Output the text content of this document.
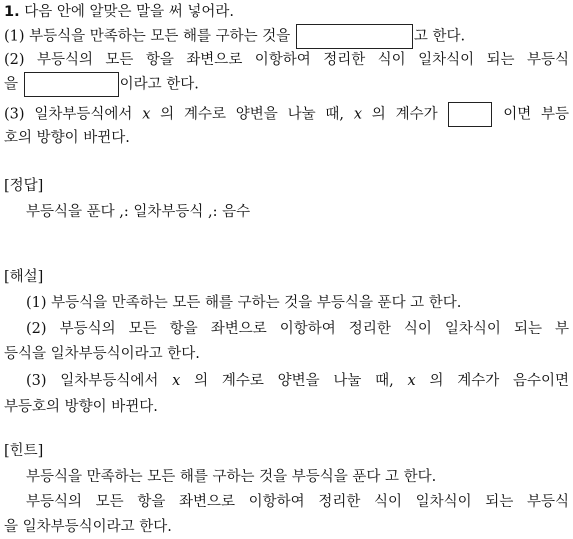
1. 다음 안에 알맞은 말을 써 넣어라.
(1) 부등식을 만족하는 모든 해를 구하는 것을	고 한다.
(2) 부등식의 모든 항을 좌변으로 이항하여 정리한 식이 일차식이 되는 부등식
을	이라고 한다.
(3) 일차부등식에서 x 의 계수로 양변을 나눌 때, x 의 계수가	이면 부등
호의 방향이 바뀐다.
[정답]
부등식을 푼다 ,: 일차부등식 ,: 음수
[해설]
(1) 부등식을 만족하는 모든 해를 구하는 것을 부등식을 푼다 고 한다.
(2) 부등식의 모든 항을 좌변으로 이항하여 정리한 식이 일차식이 되는 부
등식을 일차부등식이라고 한다.
(3) 일차부등식에서 x 의 계수로 양변을 나눌 때, x 의 계수가 음수이면
부등호의 방향이 바뀐다.
[힌트]
부등식을 만족하는 모든 해를 구하는 것을 부등식을 푼다 고 한다.
부등식의 모든 항을 좌변으로 이항하여 정리한 식이 일차식이 되는 부등식
을 일차부등식이라고 한다.
